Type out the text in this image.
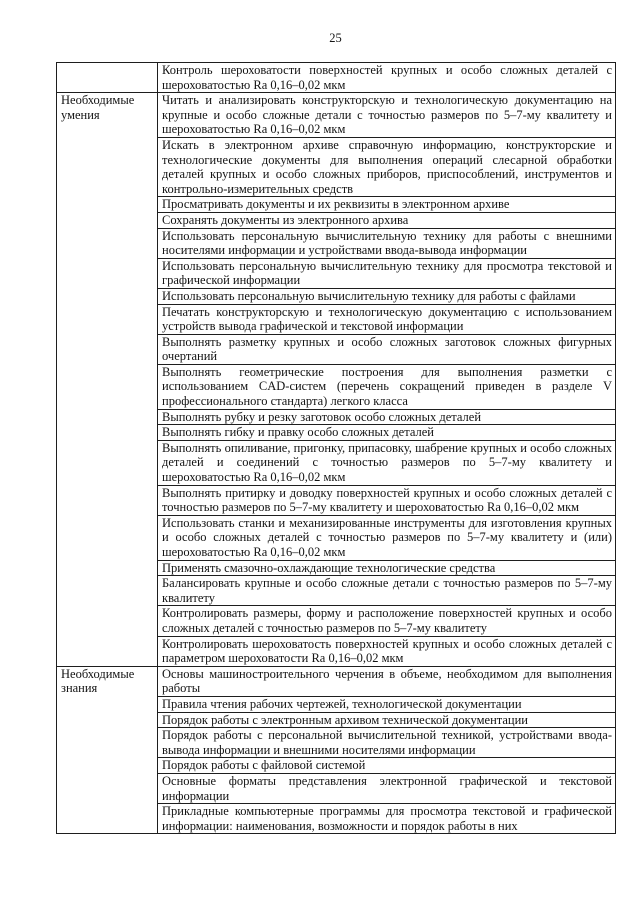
25
	Контроль шероховатости поверхностей крупных и особо сложных деталей с шероховатостью Ra 0,16–0,02 мкм
Необходимые умения	Читать и анализировать конструкторскую и технологическую документацию на крупные и особо сложные детали с точностью размеров по 5–7-му квалитету и шероховатостью Ra 0,16–0,02 мкм
	Искать в электронном архиве справочную информацию, конструкторские и технологические документы для выполнения операций слесарной обработки деталей крупных и особо сложных приборов, приспособлений, инструментов и контрольно-измерительных средств
	Просматривать документы и их реквизиты в электронном архиве
	Сохранять документы из электронного архива
	Использовать персональную вычислительную технику для работы с внешними носителями информации и устройствами ввода-вывода информации
	Использовать персональную вычислительную технику для просмотра текстовой и графической информации
	Использовать персональную вычислительную технику для работы с файлами
	Печатать конструкторскую и технологическую документацию с использованием устройств вывода графической и текстовой информации
	Выполнять разметку крупных и особо сложных заготовок сложных фигурных очертаний
	Выполнять геометрические построения для выполнения разметки с использованием CAD-систем (перечень сокращений приведен в разделе V профессионального стандарта) легкого класса
	Выполнять рубку и резку заготовок особо сложных деталей
	Выполнять гибку и правку особо сложных деталей
	Выполнять опиливание, пригонку, припасовку, шабрение крупных и особо сложных деталей и соединений с точностью размеров по 5–7-му квалитету и шероховатостью Ra 0,16–0,02 мкм
	Выполнять притирку и доводку поверхностей крупных и особо сложных деталей с точностью размеров по 5–7-му квалитету и шероховатостью Ra 0,16–0,02 мкм
	Использовать станки и механизированные инструменты для изготовления крупных и особо сложных деталей с точностью размеров по 5–7-му квалитету и (или) шероховатостью Ra 0,16–0,02 мкм
	Применять смазочно-охлаждающие технологические средства
	Балансировать крупные и особо сложные детали с точностью размеров по 5–7-му квалитету
	Контролировать размеры, форму и расположение поверхностей крупных и особо сложных деталей с точностью размеров по 5–7-му квалитету
	Контролировать шероховатость поверхностей крупных и особо сложных деталей с параметром шероховатости Ra 0,16–0,02 мкм
Необходимые знания	Основы машиностроительного черчения в объеме, необходимом для выполнения работы
	Правила чтения рабочих чертежей, технологической документации
	Порядок работы с электронным архивом технической документации
	Порядок работы с персональной вычислительной техникой, устройствами ввода-вывода информации и внешними носителями информации
	Порядок работы с файловой системой
	Основные форматы представления электронной графической и текстовой информации
	Прикладные компьютерные программы для просмотра текстовой и графической информации: наименования, возможности и порядок работы в них
